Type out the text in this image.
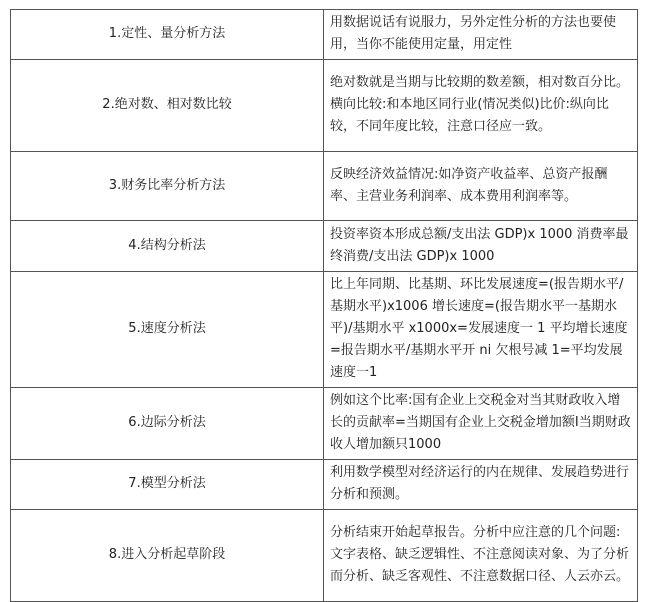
1.定性、量分析方法	用数据说话有说服力，另外定性分析的方法也要使用，当你不能使用定量，用定性
2.绝对数、相对数比较	绝对数就是当期与比较期的数差额，相对数百分比。横向比较:和本地区同行业(情况类似)比价:纵向比较，不同年度比较，注意口径应一致。
3.财务比率分析方法	反映经济效益情况:如净资产收益率、总资产报酬率、主营业务利润率、成本费用利润率等。
4.结构分析法	投资率资本形成总额/支出法 GDP)x 1000 消费率最终消费/支出法 GDP)x 1000
5.速度分析法	比上年同期、比基期、环比发展速度=(报告期水平/基期水平)x1006 增长速度=(报告期水平一基期水平)/基期水平 x1000x=发展速度一 1 平均增长速度=报告期水平/基期水平开 ni 欠根号减 1=平均发展速度一1
6.边际分析法	例如这个比率:国有企业上交税金对当其财政收入增长的贡献率=当期国有企业上交税金增加额I当期财政收人增加额只1000
7.模型分析法	利用数学模型对经济运行的内在规律、发展趋势进行分析和预测。
8.进入分析起草阶段	分析结束开始起草报告。分析中应注意的几个问题:文字表格、缺乏逻辑性、不注意阅读对象、为了分析而分析、缺乏客观性、不注意数据口径、人云亦云。
